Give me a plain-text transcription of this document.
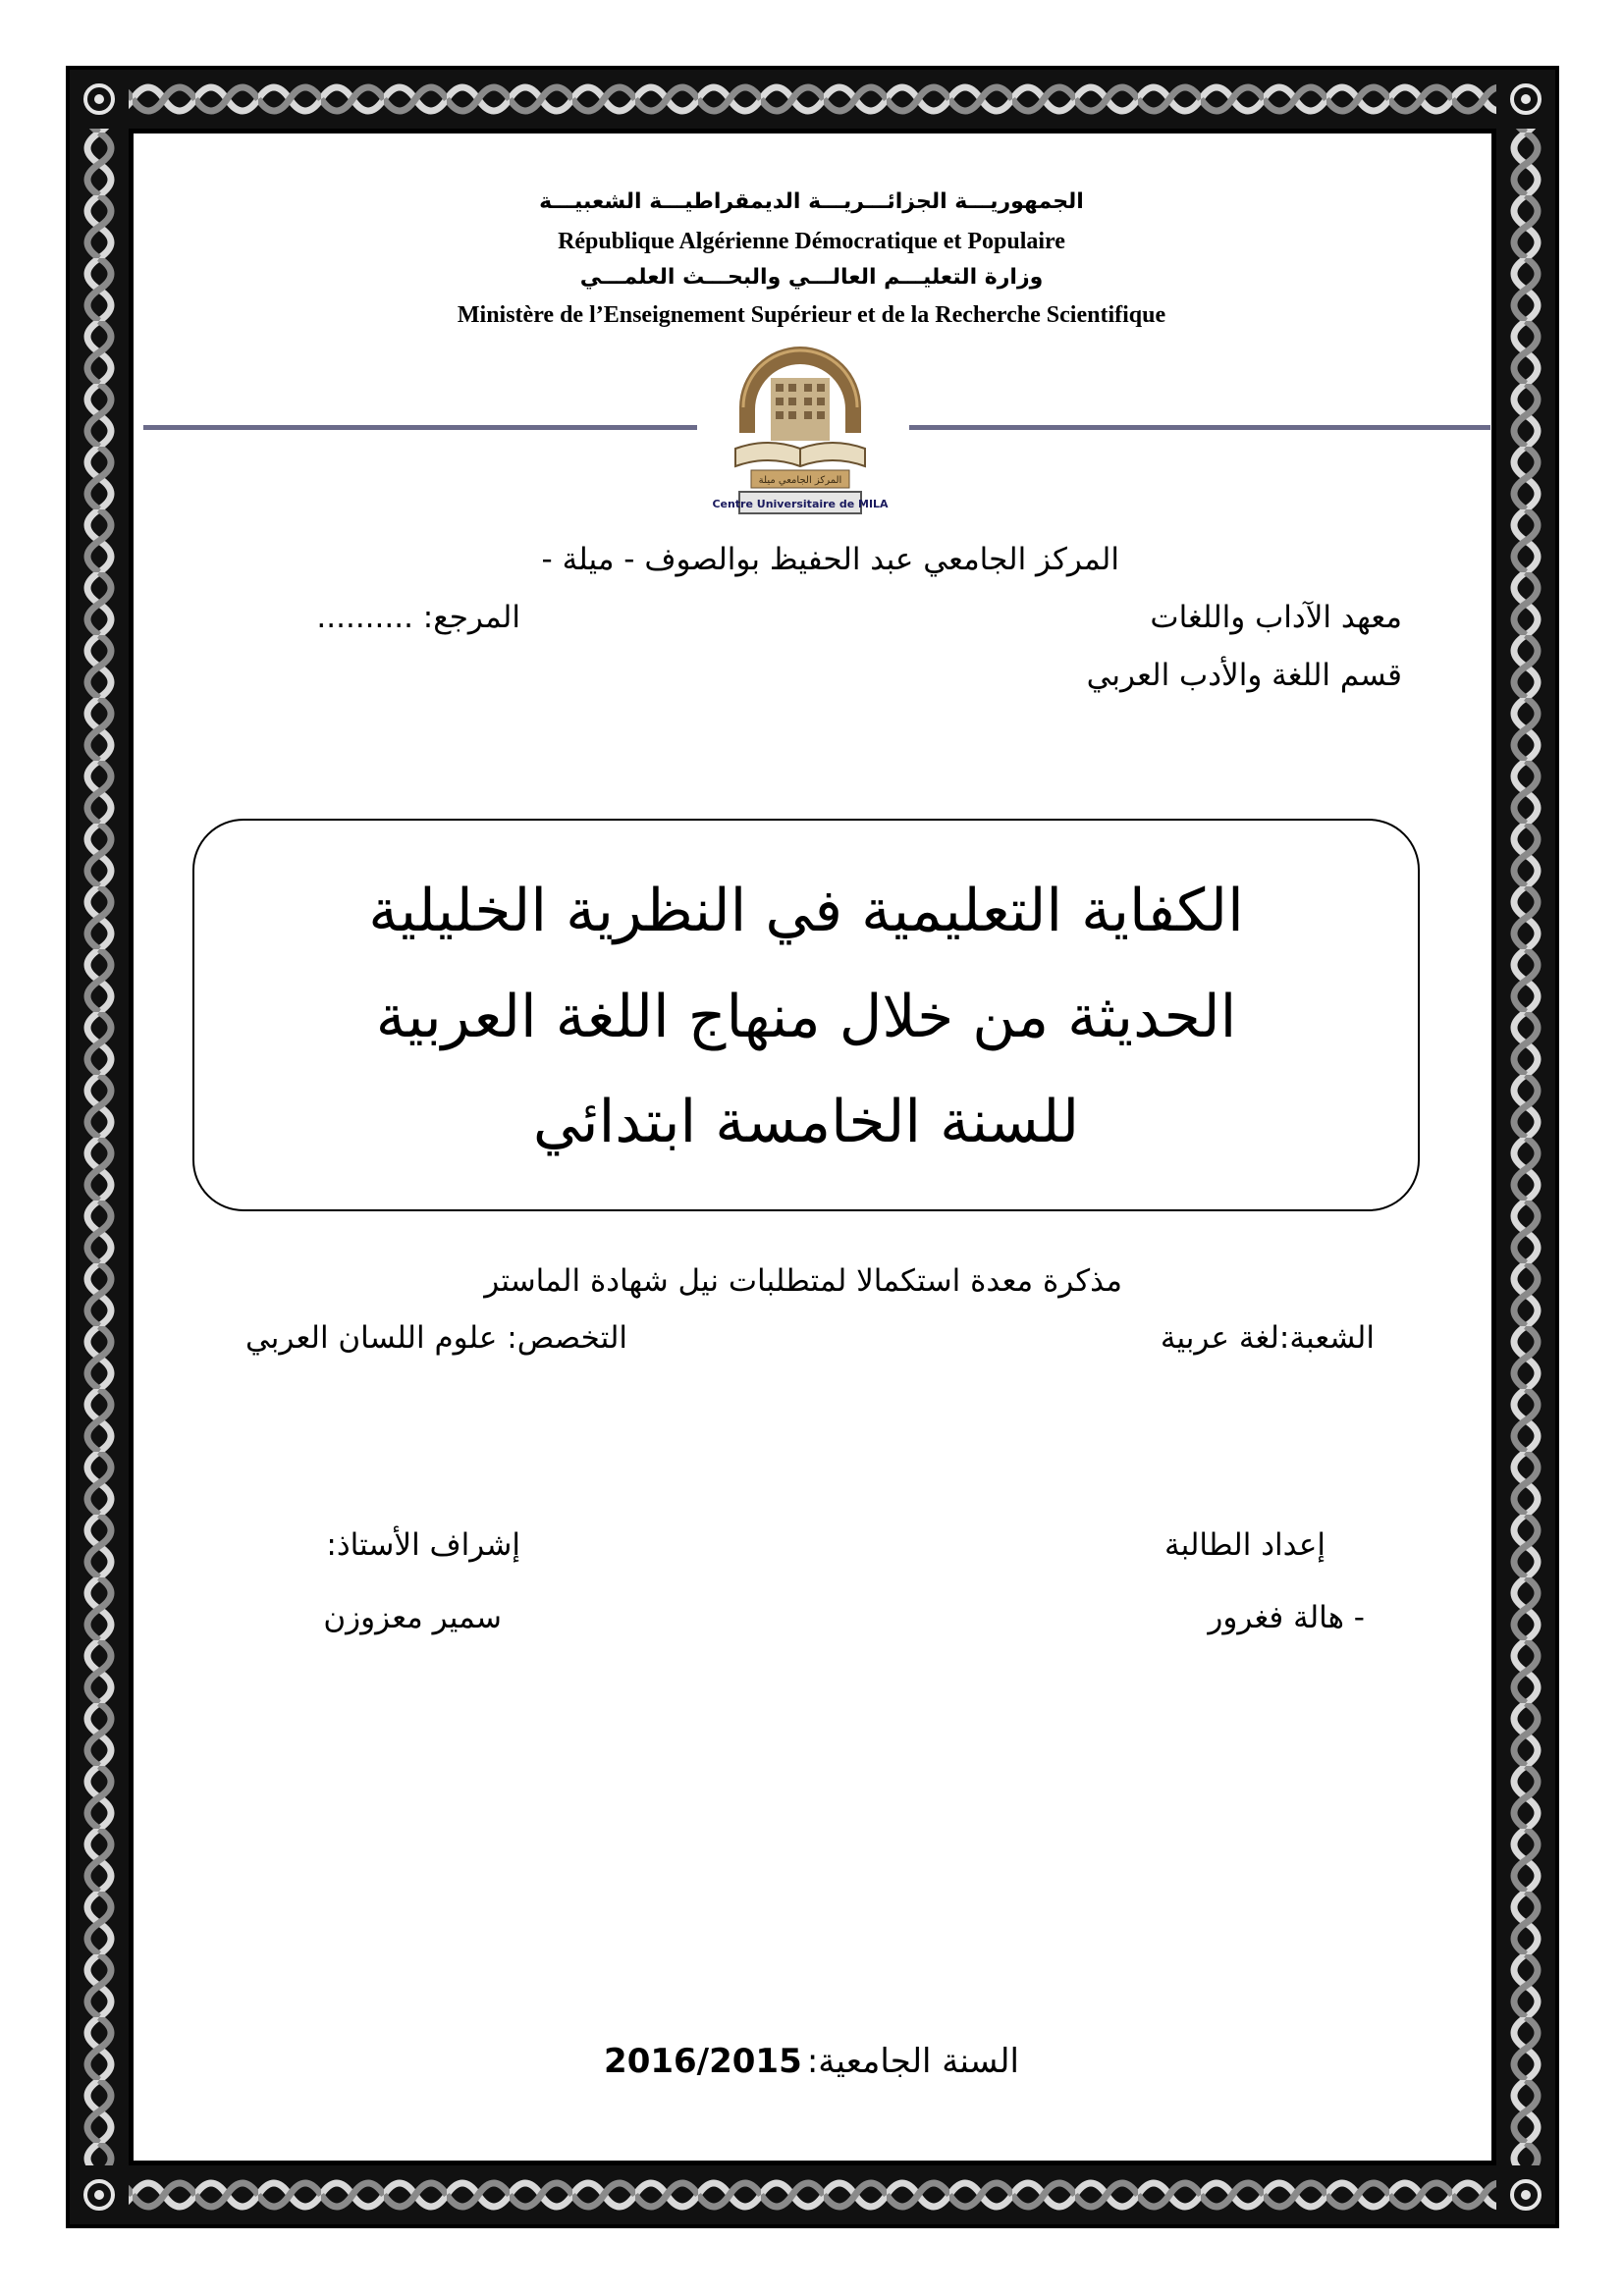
الجمهوريـــة الجزائـــريـــة الديمقراطيـــة الشعبيـــة
République Algérienne Démocratique et Populaire
وزارة التعليـــم العالـــي والبحـــث العلمـــي
Ministère de l’Enseignement Supérieur et de la Recherche Scientifique
المركز الجامعي ميلة
Centre Universitaire de MILA
المركز الجامعي عبد الحفيظ بوالصوف - ميلة -
معهد الآداب واللغات
المرجع: ..........
قسم اللغة والأدب العربي
الكفاية التعليمية في النظرية الخليلية
الحديثة من خلال منهاج اللغة العربية
للسنة الخامسة ابتدائي
مذكرة معدة استكمالا لمتطلبات نيل شهادة الماستر
الشعبة:لغة عربية
التخصص: علوم اللسان العربي
إعداد الطالبة
إشراف الأستاذ:
- هالة فغرور
سمير معزوزن
السنة الجامعية: 2016/2015
